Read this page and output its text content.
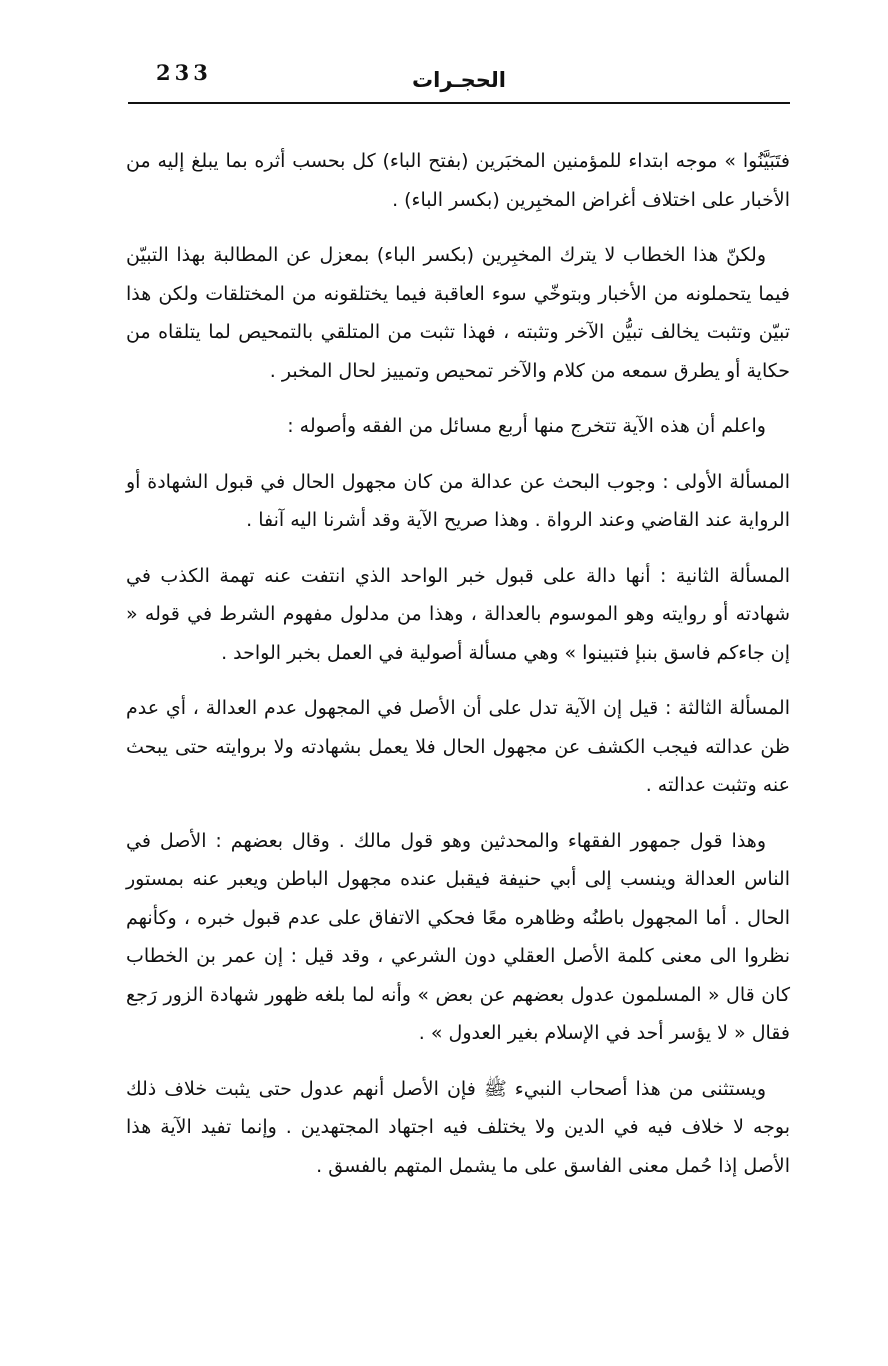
233	الحجـرات

فتَبَيَّنُوا » موجه ابتداء للمؤمنين المخبَرين (بفتح الباء) كل بحسب أثره بما يبلغ إليه من الأخبار على اختلاف أغراض المخبِرين (بكسر الباء) .

ولكنّ هذا الخطاب لا يترك المخبِرين (بكسر الباء) بمعزل عن المطالبة بهذا التبيّن فيما يتحملونه من الأخبار وبتوخّي سوء العاقبة فيما يختلقونه من المختلقات ولكن هذا تبيّن وتثبت يخالف تبيُّن الآخر وتثبته ، فهذا تثبت من المتلقي بالتمحيص لما يتلقاه من حكاية أو يطرق سمعه من كلام والآخر تمحيص وتمييز لحال المخبر .

واعلم أن هذه الآية تتخرج منها أربع مسائل من الفقه وأصوله :

المسألة الأولى : وجوب البحث عن عدالة من كان مجهول الحال في قبول الشهادة أو الرواية عند القاضي وعند الرواة . وهذا صريح الآية وقد أشرنا اليه آنفا .

المسألة الثانية : أنها دالة على قبول خبر الواحد الذي انتفت عنه تهمة الكذب في شهادته أو روايته وهو الموسوم بالعدالة ، وهذا من مدلول مفهوم الشرط في قوله « إن جاءكم فاسق بنبإ فتبينوا » وهي مسألة أصولية في العمل بخبر الواحد .

المسألة الثالثة : قيل إن الآية تدل على أن الأصل في المجهول عدم العدالة ، أي عدم ظن عدالته فيجب الكشف عن مجهول الحال فلا يعمل بشهادته ولا بروايته حتى يبحث عنه وتثبت عدالته .

وهذا قول جمهور الفقهاء والمحدثين وهو قول مالك . وقال بعضهم : الأصل في الناس العدالة وينسب إلى أبي حنيفة فيقبل عنده مجهول الباطن ويعبر عنه بمستور الحال . أما المجهول باطنُه وظاهره معًا فحكي الاتفاق على عدم قبول خبره ، وكأنهم نظروا الى معنى كلمة الأصل العقلي دون الشرعي ، وقد قيل : إن عمر بن الخطاب كان قال « المسلمون عدول بعضهم عن بعض » وأنه لما بلغه ظهور شهادة الزور رَجع فقال « لا يؤسر أحد في الإسلام بغير العدول » .

ويستثنى من هذا أصحاب النبيء ﷺ فإن الأصل أنهم عدول حتى يثبت خلاف ذلك بوجه لا خلاف فيه في الدين ولا يختلف فيه اجتهاد المجتهدين . وإنما تفيد الآية هذا الأصل إذا حُمل معنى الفاسق على ما يشمل المتهم بالفسق .
